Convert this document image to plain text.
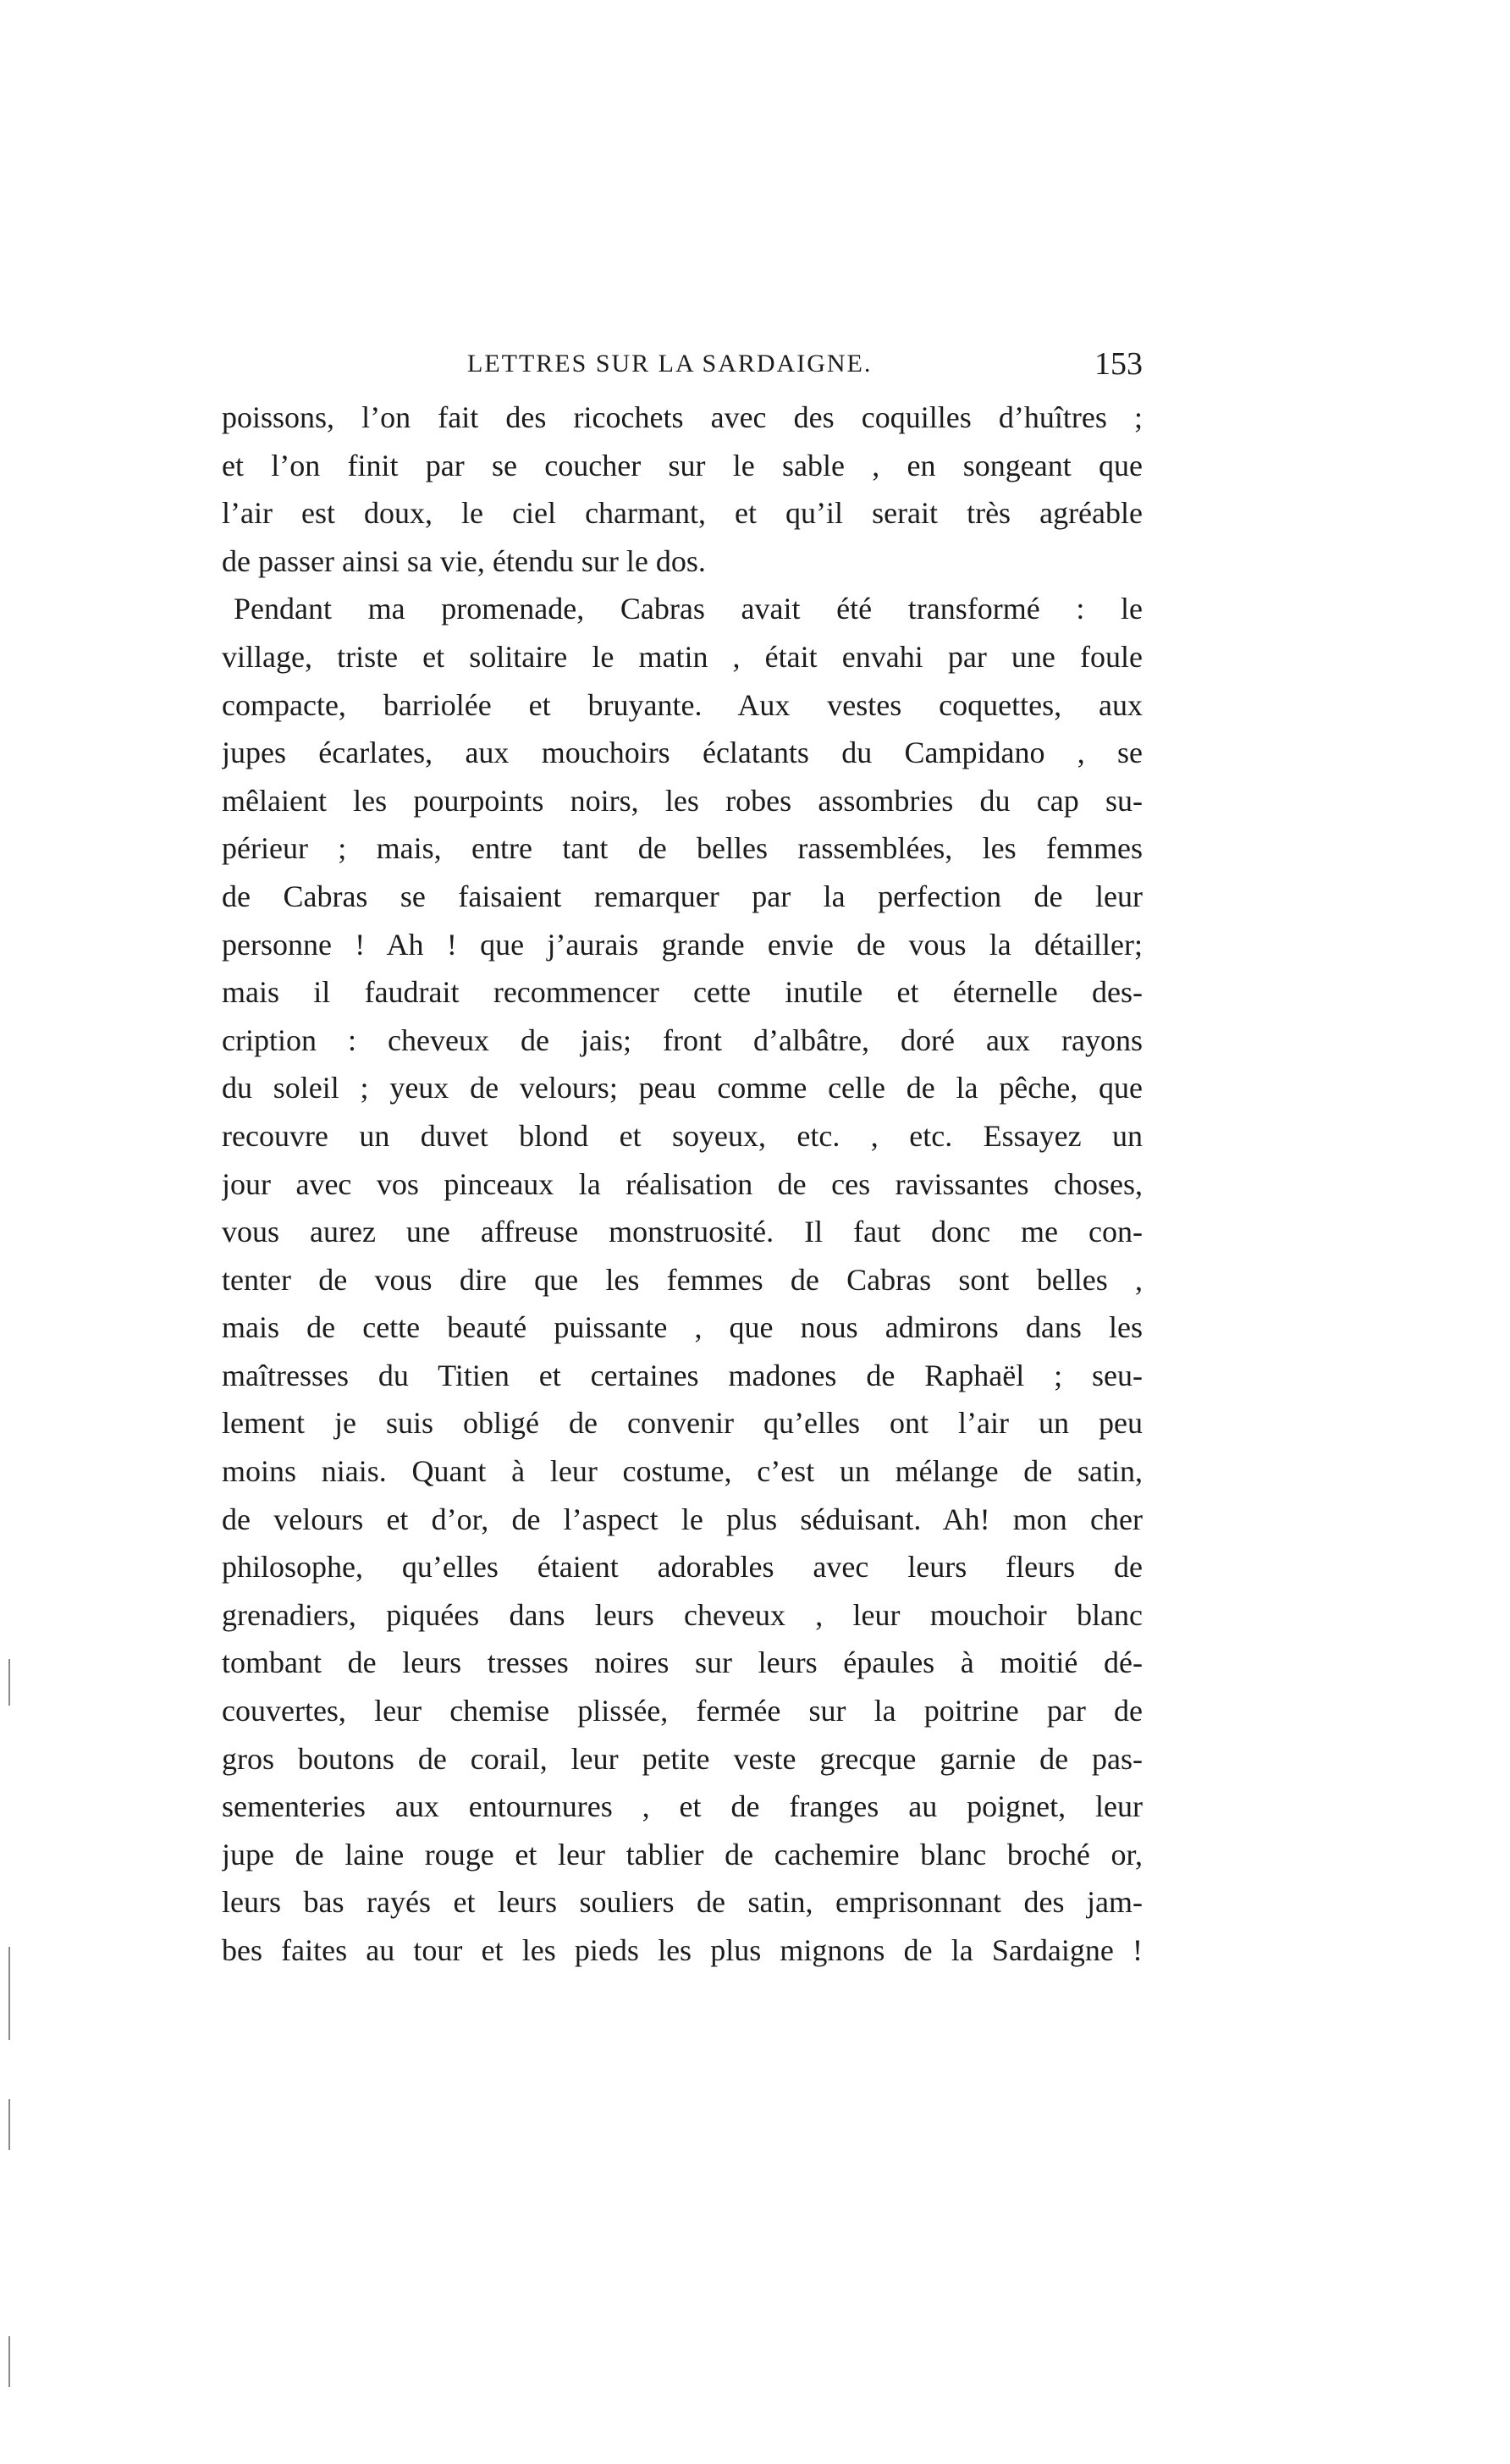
LETTRES SUR LA SARDAIGNE.	153
poissons, l’on fait des ricochets avec des coquilles d’huîtres ;
et l’on finit par se coucher sur le sable , en songeant que
l’air est doux, le ciel charmant, et qu’il serait très agréable
de passer ainsi sa vie, étendu sur le dos.
Pendant ma promenade, Cabras avait été transformé : le
village, triste et solitaire le matin , était envahi par une foule
compacte, barriolée et bruyante. Aux vestes coquettes, aux
jupes écarlates, aux mouchoirs éclatants du Campidano , se
mêlaient les pourpoints noirs, les robes assombries du cap su-
périeur ; mais, entre tant de belles rassemblées, les femmes
de Cabras se faisaient remarquer par la perfection de leur
personne ! Ah ! que j’aurais grande envie de vous la détailler;
mais il faudrait recommencer cette inutile et éternelle des-
cription : cheveux de jais; front d’albâtre, doré aux rayons
du soleil ; yeux de velours; peau comme celle de la pêche, que
recouvre un duvet blond et soyeux, etc. , etc. Essayez un
jour avec vos pinceaux la réalisation de ces ravissantes choses,
vous aurez une affreuse monstruosité. Il faut donc me con-
tenter de vous dire que les femmes de Cabras sont belles ,
mais de cette beauté puissante , que nous admirons dans les
maîtresses du Titien et certaines madones de Raphaël ; seu-
lement je suis obligé de convenir qu’elles ont l’air un peu
moins niais. Quant à leur costume, c’est un mélange de satin,
de velours et d’or, de l’aspect le plus séduisant. Ah! mon cher
philosophe, qu’elles étaient adorables avec leurs fleurs de
grenadiers, piquées dans leurs cheveux , leur mouchoir blanc
tombant de leurs tresses noires sur leurs épaules à moitié dé-
couvertes, leur chemise plissée, fermée sur la poitrine par de
gros boutons de corail, leur petite veste grecque garnie de pas-
sementeries aux entournures , et de franges au poignet, leur
jupe de laine rouge et leur tablier de cachemire blanc broché or,
leurs bas rayés et leurs souliers de satin, emprisonnant des jam-
bes faites au tour et les pieds les plus mignons de la Sardaigne !
